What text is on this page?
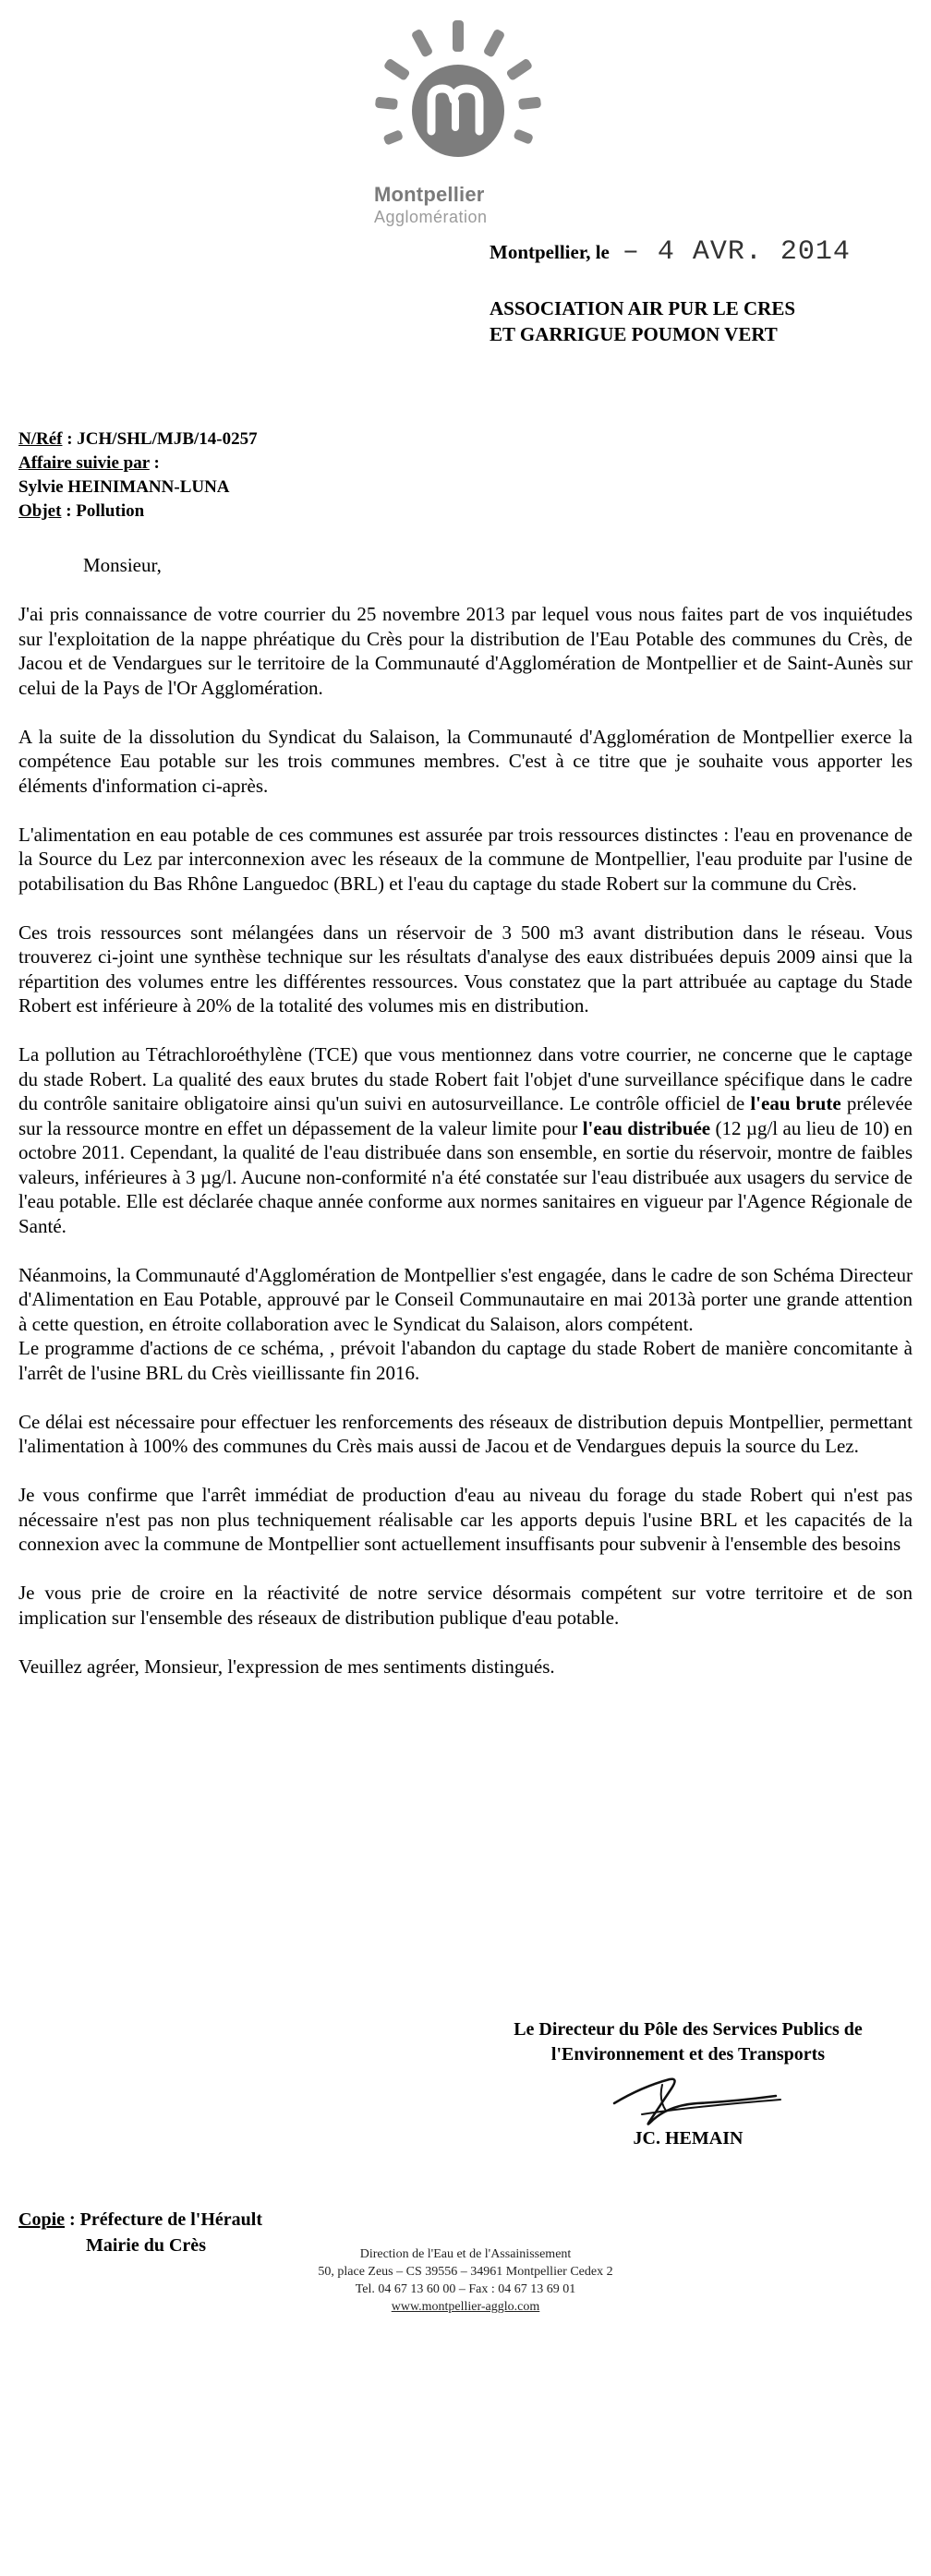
Montpellier
Agglomération
Montpellier, le – 4 AVR. 2014
ASSOCIATION AIR PUR LE CRES
ET GARRIGUE POUMON VERT
N/Réf : JCH/SHL/MJB/14-0257
Affaire suivie par :
Sylvie HEINIMANN-LUNA
Objet : Pollution
Monsieur,

J'ai pris connaissance de votre courrier du 25 novembre 2013 par lequel vous nous faites part de vos inquiétudes sur l'exploitation de la nappe phréatique du Crès pour la distribution de l'Eau Potable des communes du Crès, de Jacou et de Vendargues sur le territoire de la Communauté d'Agglomération de Montpellier et de Saint-Aunès sur celui de la Pays de l'Or Agglomération.

A la suite de la dissolution du Syndicat du Salaison, la Communauté d'Agglomération de Montpellier exerce la compétence Eau potable sur les trois communes membres. C'est à ce titre que je souhaite vous apporter les éléments d'information ci-après.

L'alimentation en eau potable de ces communes est assurée par trois ressources distinctes : l'eau en provenance de la Source du Lez par interconnexion avec les réseaux de la commune de Montpellier, l'eau produite par l'usine de potabilisation du Bas Rhône Languedoc (BRL) et l'eau du captage du stade Robert sur la commune du Crès.

Ces trois ressources sont mélangées dans un réservoir de 3 500 m3 avant distribution dans le réseau. Vous trouverez ci-joint une synthèse technique sur les résultats d'analyse des eaux distribuées depuis 2009 ainsi que la répartition des volumes entre les différentes ressources. Vous constatez que la part attribuée au captage du Stade Robert est inférieure à 20% de la totalité des volumes mis en distribution.

La pollution au Tétrachloroéthylène (TCE) que vous mentionnez dans votre courrier, ne concerne que le captage du stade Robert. La qualité des eaux brutes du stade Robert fait l'objet d'une surveillance spécifique dans le cadre du contrôle sanitaire obligatoire ainsi qu'un suivi en autosurveillance. Le contrôle officiel de l'eau brute prélevée sur la ressource montre en effet un dépassement de la valeur limite pour l'eau distribuée (12 µg/l au lieu de 10) en octobre 2011. Cependant, la qualité de l'eau distribuée dans son ensemble, en sortie du réservoir, montre de faibles valeurs, inférieures à 3 µg/l. Aucune non-conformité n'a été constatée sur l'eau distribuée aux usagers du service de l'eau potable. Elle est déclarée chaque année conforme aux normes sanitaires en vigueur par l'Agence Régionale de Santé.

Néanmoins, la Communauté d'Agglomération de Montpellier s'est engagée, dans le cadre de son Schéma Directeur d'Alimentation en Eau Potable, approuvé par le Conseil Communautaire en mai 2013à porter une grande attention à cette question, en étroite collaboration avec le Syndicat du Salaison, alors compétent.

Le programme d'actions de ce schéma, , prévoit l'abandon du captage du stade Robert de manière concomitante à l'arrêt de l'usine BRL du Crès vieillissante fin 2016.

Ce délai est nécessaire pour effectuer les renforcements des réseaux de distribution depuis Montpellier, permettant l'alimentation à 100% des communes du Crès mais aussi de Jacou et de Vendargues depuis la source du Lez.

Je vous confirme que l'arrêt immédiat de production d'eau au niveau du forage du stade Robert qui n'est pas nécessaire n'est pas non plus techniquement réalisable car les apports depuis l'usine BRL et les capacités de la connexion avec la commune de Montpellier sont actuellement insuffisants pour subvenir à l'ensemble des besoins

Je vous prie de croire en la réactivité de notre service désormais compétent sur votre territoire et de son implication sur l'ensemble des réseaux de distribution publique d'eau potable.

Veuillez agréer, Monsieur, l'expression de mes sentiments distingués.

Le Directeur du Pôle des Services Publics de
l'Environnement et des Transports
JC. HEMAIN
Copie : Préfecture de l'Hérault
Mairie du Crès	Direction de l'Eau et de l'Assainissement
50, place Zeus – CS 39556 – 34961 Montpellier Cedex 2
Tel. 04 67 13 60 00 – Fax : 04 67 13 69 01
www.montpellier-agglo.com
